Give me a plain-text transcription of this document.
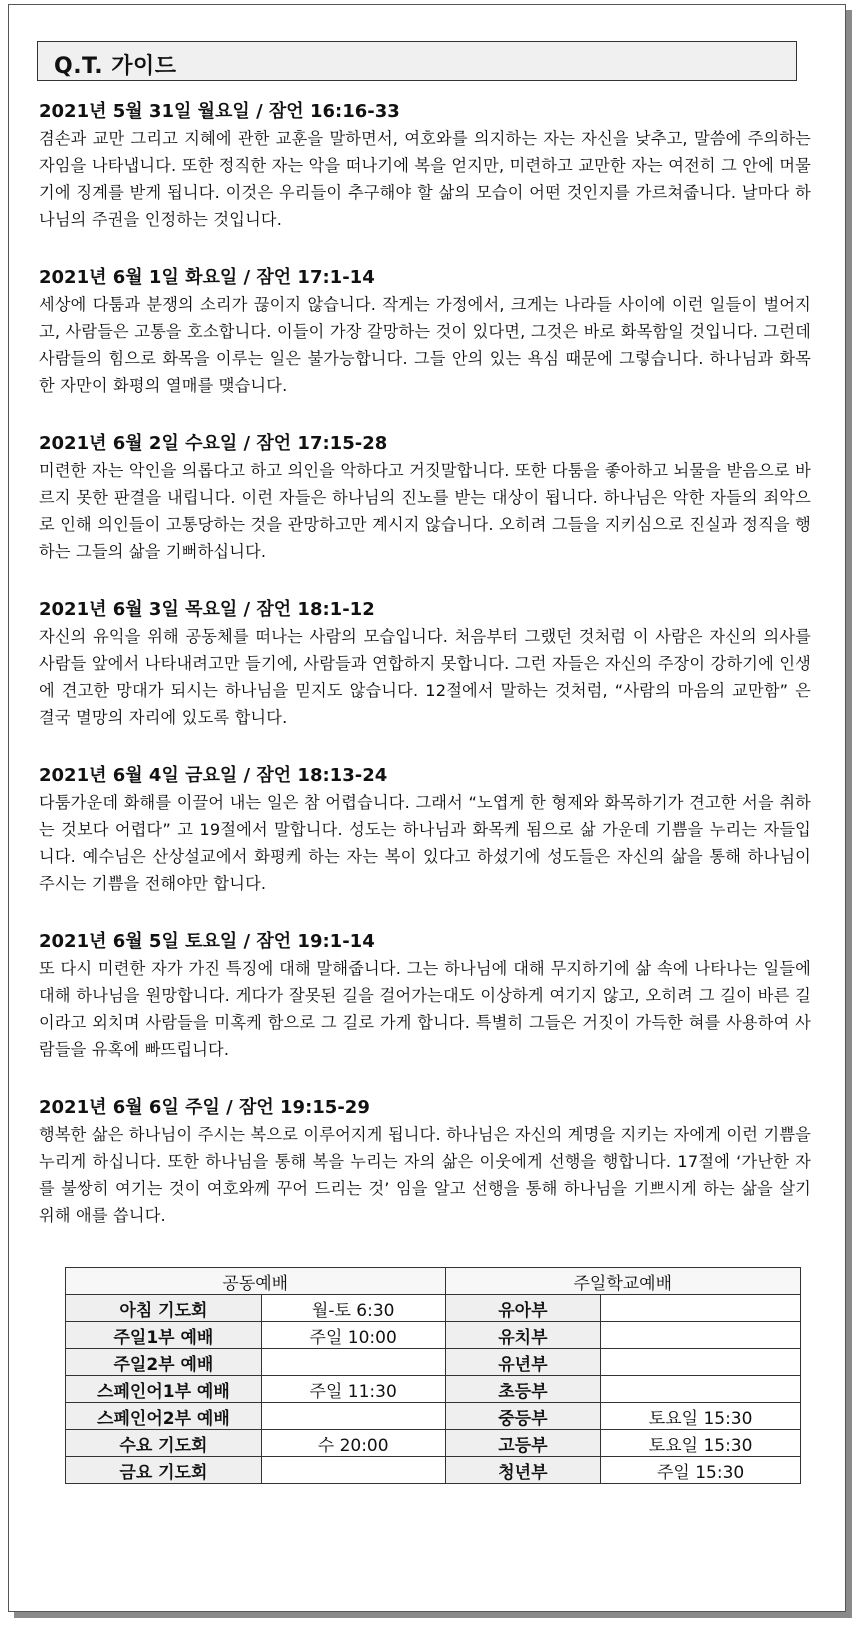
Q.T. 가이드
2021년 5월 31일 월요일 / 잠언 16:16-33
겸손과 교만 그리고 지혜에 관한 교훈을 말하면서, 여호와를 의지하는 자는 자신을 낮추고, 말씀에 주의하는 자임을 나타냅니다. 또한 정직한 자는 악을 떠나기에 복을 얻지만, 미련하고 교만한 자는 여전히 그 안에 머물기에 징계를 받게 됩니다. 이것은 우리들이 추구해야 할 삶의 모습이 어떤 것인지를 가르쳐줍니다. 날마다 하나님의 주권을 인정하는 것입니다.
2021년 6월 1일 화요일 / 잠언 17:1-14
세상에 다툼과 분쟁의 소리가 끊이지 않습니다. 작게는 가정에서, 크게는 나라들 사이에 이런 일들이 벌어지고, 사람들은 고통을 호소합니다. 이들이 가장 갈망하는 것이 있다면, 그것은 바로 화목함일 것입니다. 그런데 사람들의 힘으로 화목을 이루는 일은 불가능합니다. 그들 안의 있는 욕심 때문에 그렇습니다. 하나님과 화목한 자만이 화평의 열매를 맺습니다.
2021년 6월 2일 수요일 / 잠언 17:15-28
미련한 자는 악인을 의롭다고 하고 의인을 악하다고 거짓말합니다. 또한 다툼을 좋아하고 뇌물을 받음으로 바르지 못한 판결을 내립니다. 이런 자들은 하나님의 진노를 받는 대상이 됩니다. 하나님은 악한 자들의 죄악으로 인해 의인들이 고통당하는 것을 관망하고만 계시지 않습니다. 오히려 그들을 지키심으로 진실과 정직을 행하는 그들의 삶을 기뻐하십니다.
2021년 6월 3일 목요일 / 잠언 18:1-12
자신의 유익을 위해 공동체를 떠나는 사람의 모습입니다. 처음부터 그랬던 것처럼 이 사람은 자신의 의사를 사람들 앞에서 나타내려고만 들기에, 사람들과 연합하지 못합니다. 그런 자들은 자신의 주장이 강하기에 인생에 견고한 망대가 되시는 하나님을 믿지도 않습니다. 12절에서 말하는 것처럼, “사람의 마음의 교만함” 은 결국 멸망의 자리에 있도록 합니다.
2021년 6월 4일 금요일 / 잠언 18:13-24
다툼가운데 화해를 이끌어 내는 일은 참 어렵습니다. 그래서 “노엽게 한 형제와 화목하기가 견고한 서을 취하는 것보다 어렵다” 고 19절에서 말합니다. 성도는 하나님과 화목케 됨으로 삶 가운데 기쁨을 누리는 자들입니다. 예수님은 산상설교에서 화평케 하는 자는 복이 있다고 하셨기에 성도들은 자신의 삶을 통해 하나님이 주시는 기쁨을 전해야만 합니다.
2021년 6월 5일 토요일 / 잠언 19:1-14
또 다시 미련한 자가 가진 특징에 대해 말해줍니다. 그는 하나님에 대해 무지하기에 삶 속에 나타나는 일들에 대해 하나님을 원망합니다. 게다가 잘못된 길을 걸어가는대도 이상하게 여기지 않고, 오히려 그 길이 바른 길이라고 외치며 사람들을 미혹케 함으로 그 길로 가게 합니다. 특별히 그들은 거짓이 가득한 혀를 사용하여 사람들을 유혹에 빠뜨립니다.
2021년 6월 6일 주일 / 잠언 19:15-29
행복한 삶은 하나님이 주시는 복으로 이루어지게 됩니다. 하나님은 자신의 계명을 지키는 자에게 이런 기쁨을 누리게 하십니다. 또한 하나님을 통해 복을 누리는 자의 삶은 이웃에게 선행을 행합니다. 17절에 ‘가난한 자를 불쌍히 여기는 것이 여호와께 꾸어 드리는 것’ 임을 알고 선행을 통해 하나님을 기쁘시게 하는 삶을 살기 위해 애를 씁니다.
공동예배		주일학교예배	
아침 기도회	월-토 6:30	유아부	
주일1부 예배	주일 10:00	유치부	
주일2부 예배		유년부	
스페인어1부 예배	주일 11:30	초등부	
스페인어2부 예배		중등부	토요일 15:30
수요 기도회	수 20:00	고등부	토요일 15:30
금요 기도회		청년부	주일 15:30
